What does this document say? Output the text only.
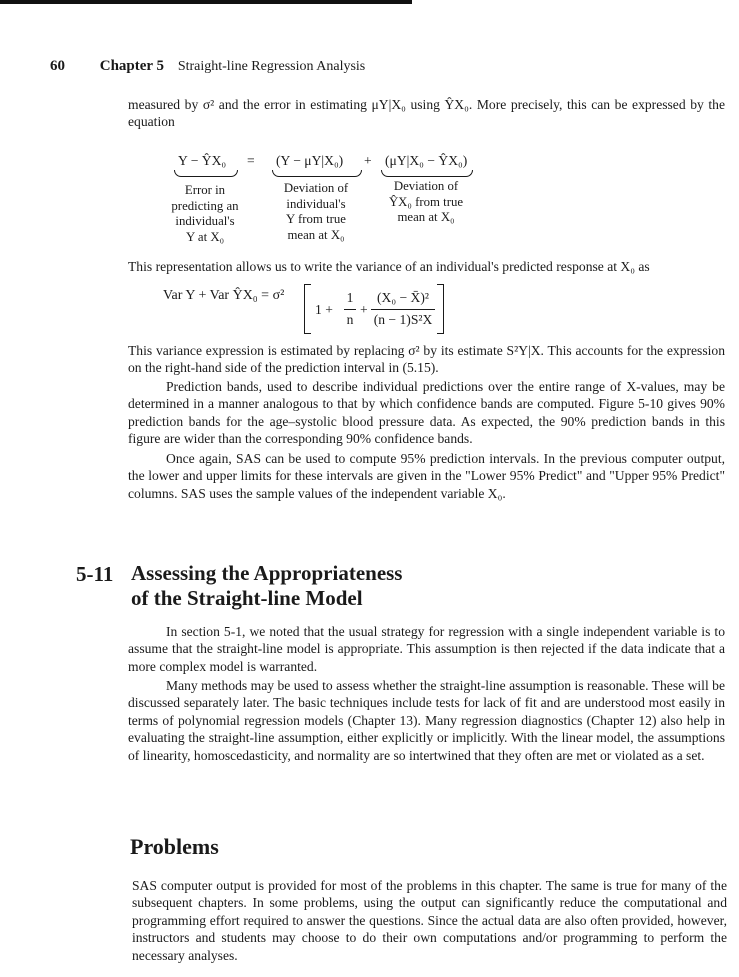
60 Chapter 5 Straight-line Regression Analysis
measured by σ² and the error in estimating μY|X₀ using ŶX₀. More precisely, this can be expressed by the equation
Y − ŶX₀ = (Y − μY|X₀) + (μY|X₀ − ŶX₀)
Error in
predicting an
individual's
Y at X₀
Deviation of
individual's
Y from true
mean at X₀
Deviation of
ŶX₀ from true
mean at X₀
This representation allows us to write the variance of an individual's predicted response at X₀ as
Var Y + Var ŶX₀ = σ²
1 +
1
n
+
(X₀ − X̄)²
(n − 1)S²X
This variance expression is estimated by replacing σ² by its estimate S²Y|X. This accounts for the expression on the right-hand side of the prediction interval in (5.15).
Prediction bands, used to describe individual predictions over the entire range of X-values, may be determined in a manner analogous to that by which confidence bands are computed. Figure 5-10 gives 90% prediction bands for the age–systolic blood pressure data. As expected, the 90% prediction bands in this figure are wider than the corresponding 90% confidence bands.
Once again, SAS can be used to compute 95% prediction intervals. In the previous computer output, the lower and upper limits for these intervals are given in the "Lower 95% Predict" and "Upper 95% Predict" columns. SAS uses the sample values of the independent variable X₀.
5-11 Assessing the Appropriateness
of the Straight-line Model
In section 5-1, we noted that the usual strategy for regression with a single independent variable is to assume that the straight-line model is appropriate. This assumption is then rejected if the data indicate that a more complex model is warranted.
Many methods may be used to assess whether the straight-line assumption is reasonable. These will be discussed separately later. The basic techniques include tests for lack of fit and are understood most easily in terms of polynomial regression models (Chapter 13). Many regression diagnostics (Chapter 12) also help in evaluating the straight-line assumption, either explicitly or implicitly. With the linear model, the assumptions of linearity, homoscedasticity, and normality are so intertwined that they often are met or violated as a set.
Problems
SAS computer output is provided for most of the problems in this chapter. The same is true for many of the subsequent chapters. In some problems, using the output can significantly reduce the computational and programming effort required to answer the questions. Since the actual data are also often provided, however, instructors and students may choose to do their own computations and/or programming to perform the necessary analyses.
